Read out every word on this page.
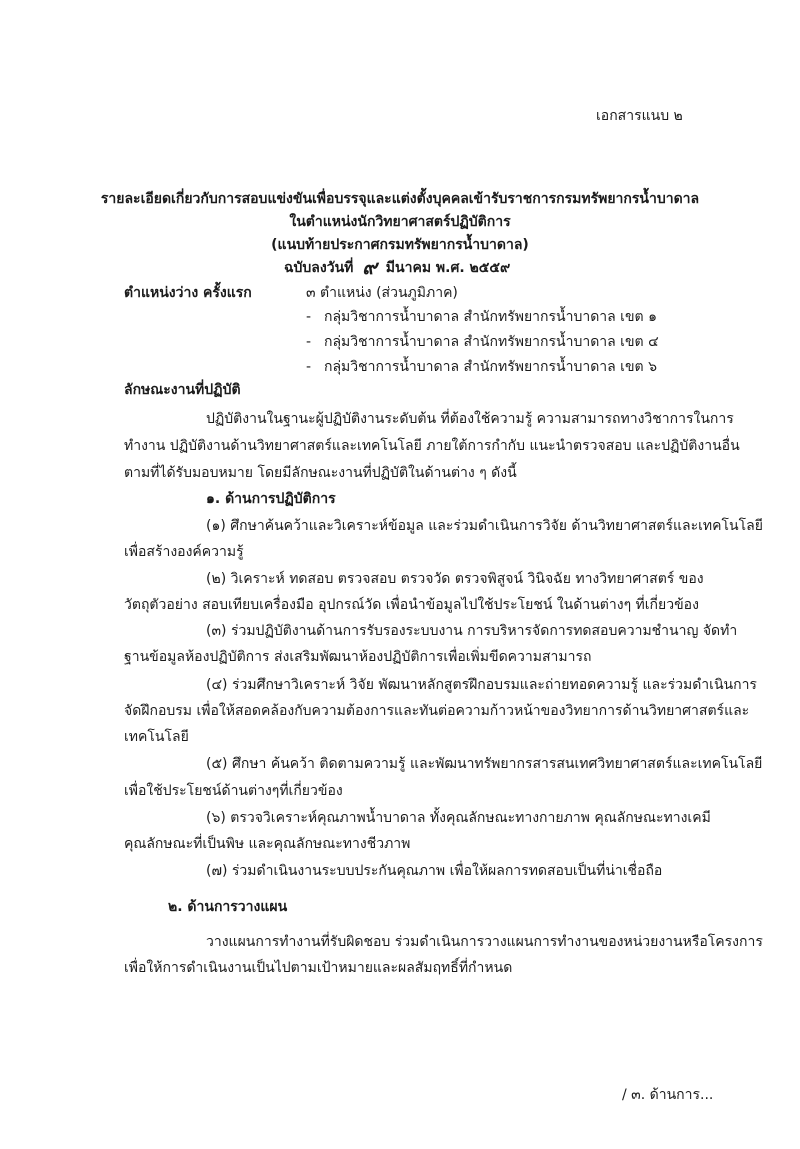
เอกสารแนบ ๒
รายละเอียดเกี่ยวกับการสอบแข่งขันเพื่อบรรจุและแต่งตั้งบุคคลเข้ารับราชการกรมทรัพยากรน้ำบาดาล
ในตำแหน่งนักวิทยาศาสตร์ปฏิบัติการ
(แนบท้ายประกาศกรมทรัพยากรน้ำบาดาล)
ฉบับลงวันที่ ๙ มีนาคม พ.ศ. ๒๕๕๙
ตำแหน่งว่าง ครั้งแรก	๓ ตำแหน่ง (ส่วนภูมิภาค)
- กลุ่มวิชาการน้ำบาดาล สำนักทรัพยากรน้ำบาดาล เขต ๑
- กลุ่มวิชาการน้ำบาดาล สำนักทรัพยากรน้ำบาดาล เขต ๔
- กลุ่มวิชาการน้ำบาดาล สำนักทรัพยากรน้ำบาดาล เขต ๖
ลักษณะงานที่ปฏิบัติ
ปฏิบัติงานในฐานะผู้ปฏิบัติงานระดับต้น ที่ต้องใช้ความรู้ ความสามารถทางวิชาการในการ
ทำงาน ปฏิบัติงานด้านวิทยาศาสตร์และเทคโนโลยี ภายใต้การกำกับ แนะนำตรวจสอบ และปฏิบัติงานอื่น
ตามที่ได้รับมอบหมาย โดยมีลักษณะงานที่ปฏิบัติในด้านต่าง ๆ ดังนี้
๑. ด้านการปฏิบัติการ
(๑) ศึกษาค้นคว้าและวิเคราะห์ข้อมูล และร่วมดำเนินการวิจัย ด้านวิทยาศาสตร์และเทคโนโลยี
เพื่อสร้างองค์ความรู้
(๒) วิเคราะห์ ทดสอบ ตรวจสอบ ตรวจวัด ตรวจพิสูจน์ วินิจฉัย ทางวิทยาศาสตร์ ของ
วัตถุตัวอย่าง สอบเทียบเครื่องมือ อุปกรณ์วัด เพื่อนำข้อมูลไปใช้ประโยชน์ ในด้านต่างๆ ที่เกี่ยวข้อง
(๓) ร่วมปฏิบัติงานด้านการรับรองระบบงาน การบริหารจัดการทดสอบความชำนาญ จัดทำ
ฐานข้อมูลห้องปฏิบัติการ ส่งเสริมพัฒนาห้องปฏิบัติการเพื่อเพิ่มขีดความสามารถ
(๔) ร่วมศึกษาวิเคราะห์ วิจัย พัฒนาหลักสูตรฝึกอบรมและถ่ายทอดความรู้ และร่วมดำเนินการ
จัดฝึกอบรม เพื่อให้สอดคล้องกับความต้องการและทันต่อความก้าวหน้าของวิทยาการด้านวิทยาศาสตร์และ
เทคโนโลยี
(๕) ศึกษา ค้นคว้า ติดตามความรู้ และพัฒนาทรัพยากรสารสนเทศวิทยาศาสตร์และเทคโนโลยี
เพื่อใช้ประโยชน์ด้านต่างๆที่เกี่ยวข้อง
(๖) ตรวจวิเคราะห์คุณภาพน้ำบาดาล ทั้งคุณลักษณะทางกายภาพ คุณลักษณะทางเคมี
คุณลักษณะที่เป็นพิษ และคุณลักษณะทางชีวภาพ
(๗) ร่วมดำเนินงานระบบประกันคุณภาพ เพื่อให้ผลการทดสอบเป็นที่น่าเชื่อถือ
๒. ด้านการวางแผน
วางแผนการทำงานที่รับผิดชอบ ร่วมดำเนินการวางแผนการทำงานของหน่วยงานหรือโครงการ
เพื่อให้การดำเนินงานเป็นไปตามเป้าหมายและผลสัมฤทธิ์ที่กำหนด
/ ๓. ด้านการ...
